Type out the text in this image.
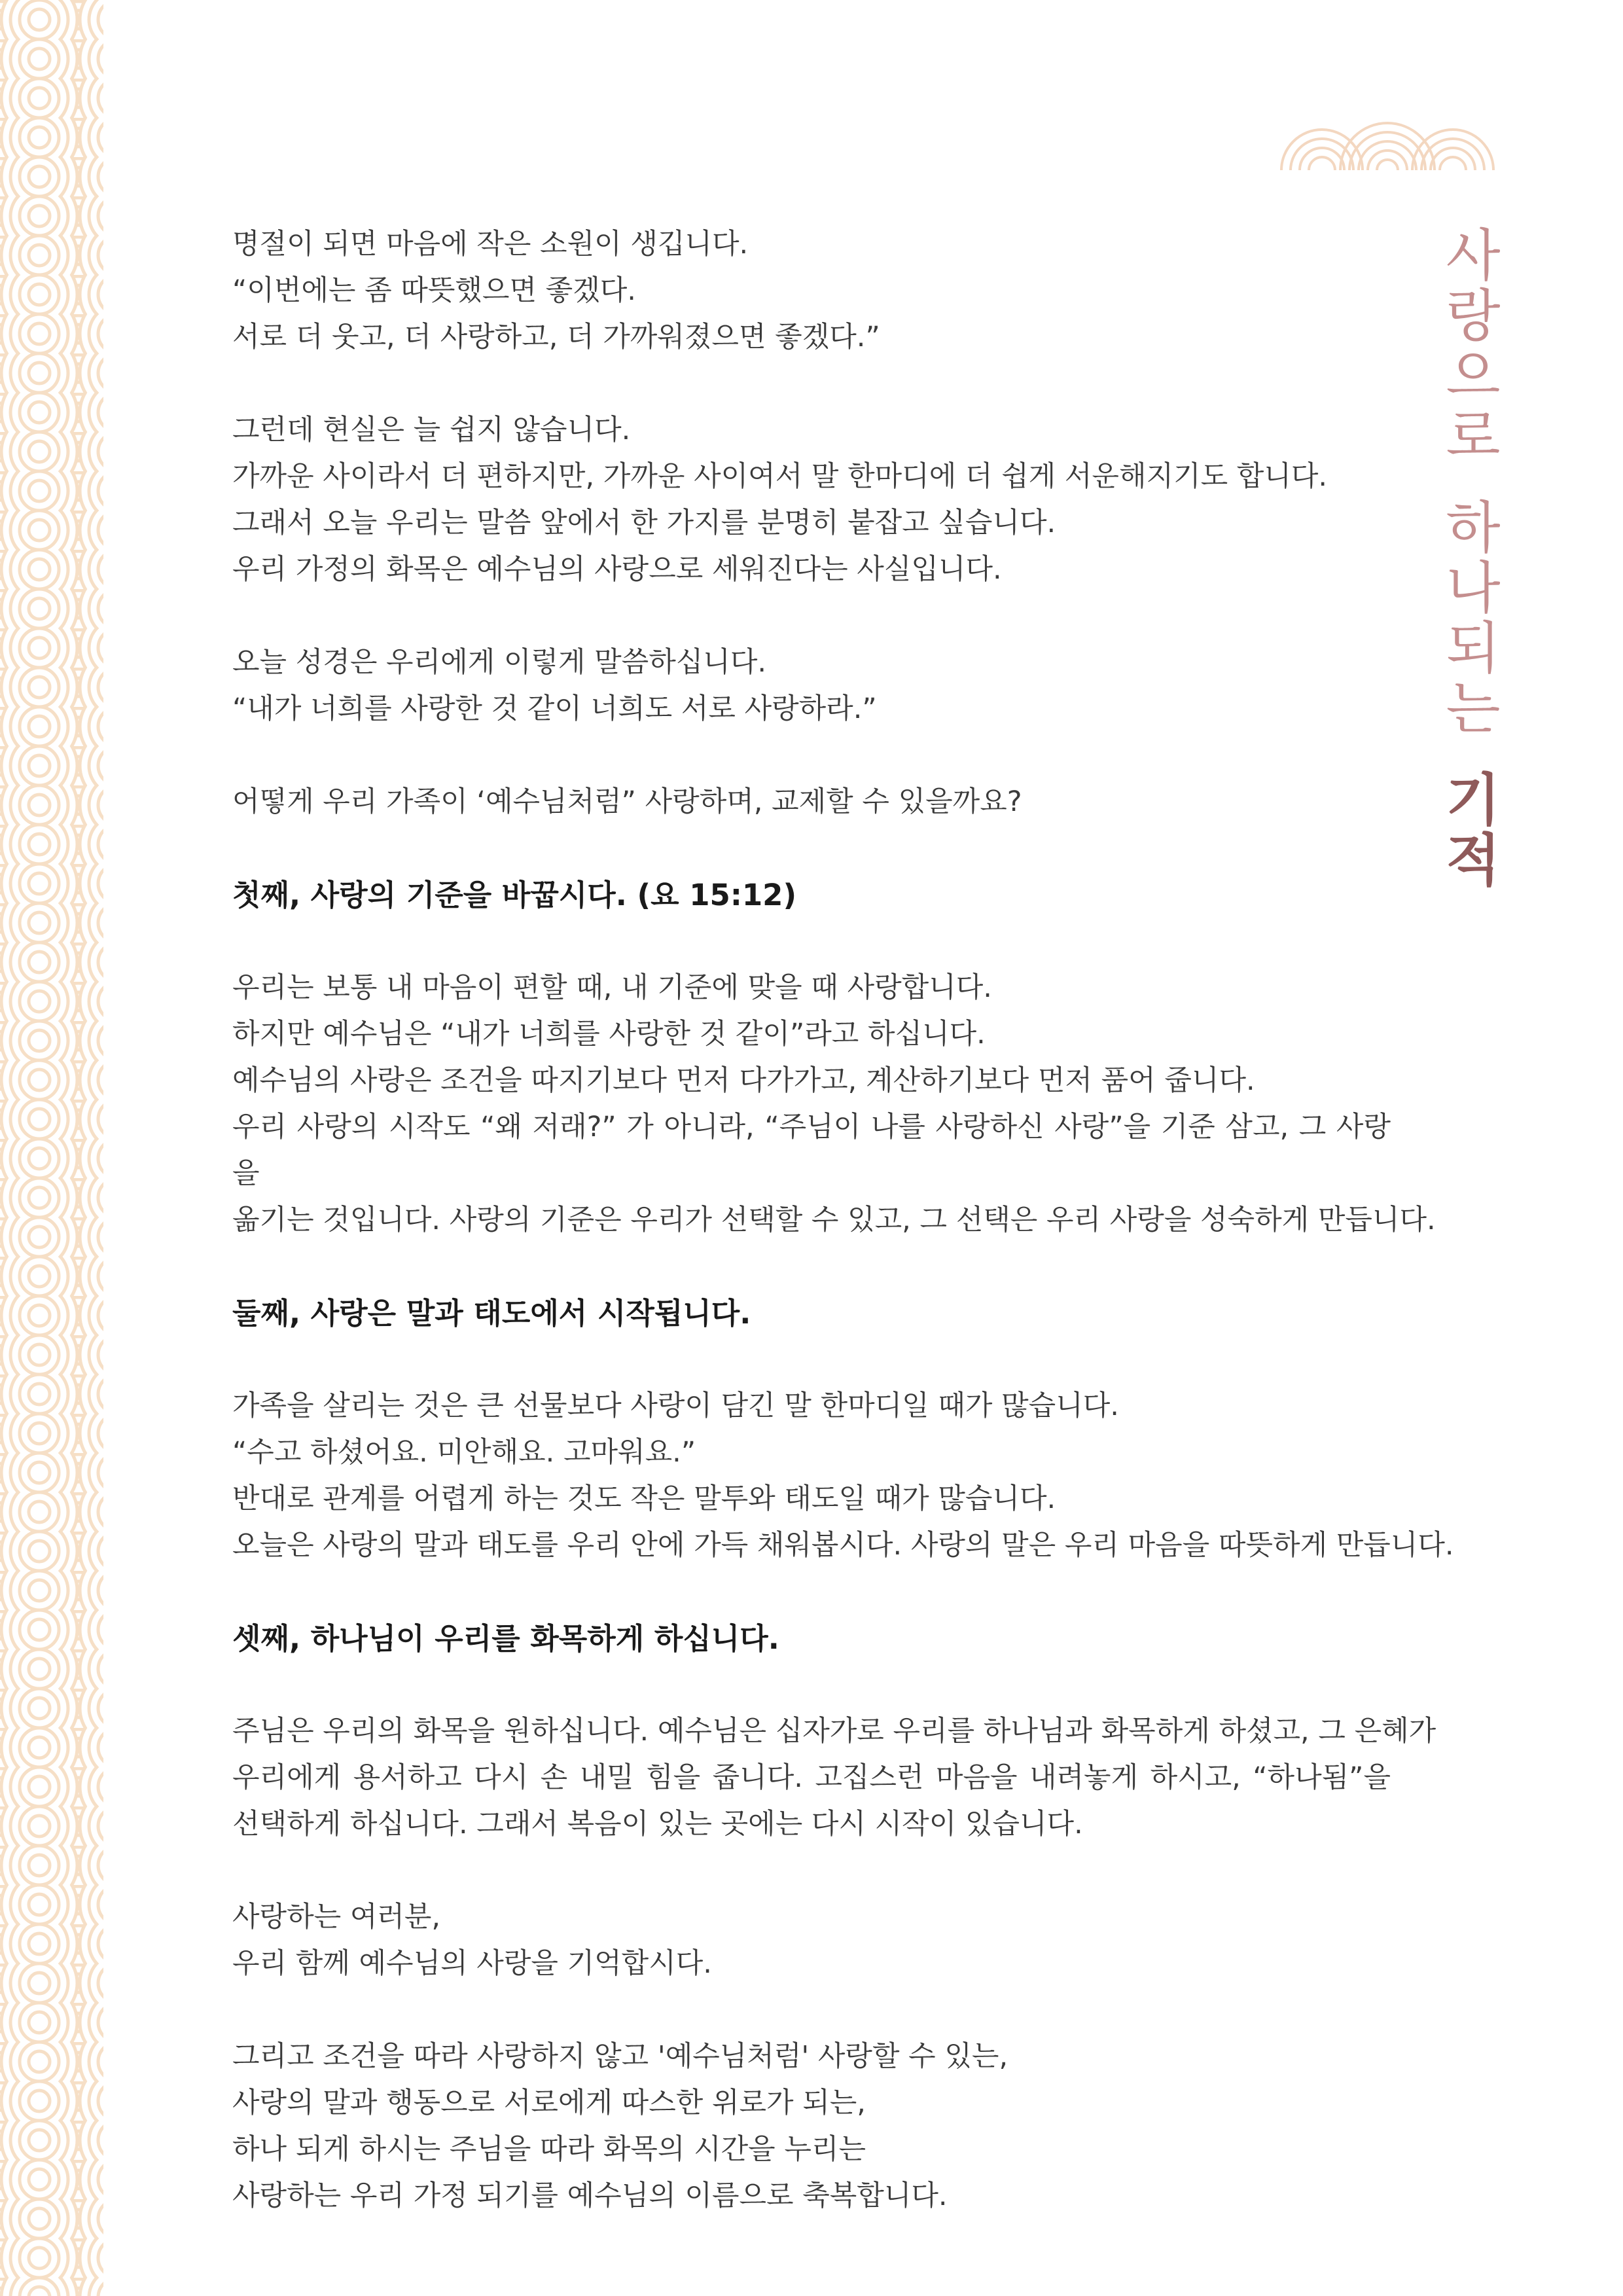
사
랑
으
로
하
나
되
는
기
적

명절이 되면 마음에 작은 소원이 생깁니다.
“이번에는 좀 따뜻했으면 좋겠다.
서로 더 웃고, 더 사랑하고, 더 가까워졌으면 좋겠다.”

그런데 현실은 늘 쉽지 않습니다.
가까운 사이라서 더 편하지만, 가까운 사이여서 말 한마디에 더 쉽게 서운해지기도 합니다.
그래서 오늘 우리는 말씀 앞에서 한 가지를 분명히 붙잡고 싶습니다.
우리 가정의 화목은 예수님의 사랑으로 세워진다는 사실입니다.

오늘 성경은 우리에게 이렇게 말씀하십니다.
“내가 너희를 사랑한 것 같이 너희도 서로 사랑하라.”

어떻게 우리 가족이 ‘예수님처럼” 사랑하며, 교제할 수 있을까요?

첫째, 사랑의 기준을 바꿉시다. (요 15:12)

우리는 보통 내 마음이 편할 때, 내 기준에 맞을 때 사랑합니다.
하지만 예수님은 “내가 너희를 사랑한 것 같이”라고 하십니다.
예수님의 사랑은 조건을 따지기보다 먼저 다가가고, 계산하기보다 먼저 품어 줍니다.
우리 사랑의 시작도 “왜 저래?” 가 아니라, “주님이 나를 사랑하신 사랑”을 기준 삼고, 그 사랑을
옮기는 것입니다. 사랑의 기준은 우리가 선택할 수 있고, 그 선택은 우리 사랑을 성숙하게 만듭니다.

둘째, 사랑은 말과 태도에서 시작됩니다.

가족을 살리는 것은 큰 선물보다 사랑이 담긴 말 한마디일 때가 많습니다.
“수고 하셨어요. 미안해요. 고마워요.”
반대로 관계를 어렵게 하는 것도 작은 말투와 태도일 때가 많습니다.
오늘은 사랑의 말과 태도를 우리 안에 가득 채워봅시다. 사랑의 말은 우리 마음을 따뜻하게 만듭니다.

셋째, 하나님이 우리를 화목하게 하십니다.

주님은 우리의 화목을 원하십니다. 예수님은 십자가로 우리를 하나님과 화목하게 하셨고, 그 은혜가
우리에게 용서하고 다시 손 내밀 힘을 줍니다. 고집스런 마음을 내려놓게 하시고, “하나됨”을
선택하게 하십니다. 그래서 복음이 있는 곳에는 다시 시작이 있습니다.

사랑하는 여러분,
우리 함께 예수님의 사랑을 기억합시다.

그리고 조건을 따라 사랑하지 않고 '예수님처럼' 사랑할 수 있는,
사랑의 말과 행동으로 서로에게 따스한 위로가 되는,
하나 되게 하시는 주님을 따라 화목의 시간을 누리는
사랑하는 우리 가정 되기를 예수님의 이름으로 축복합니다.
